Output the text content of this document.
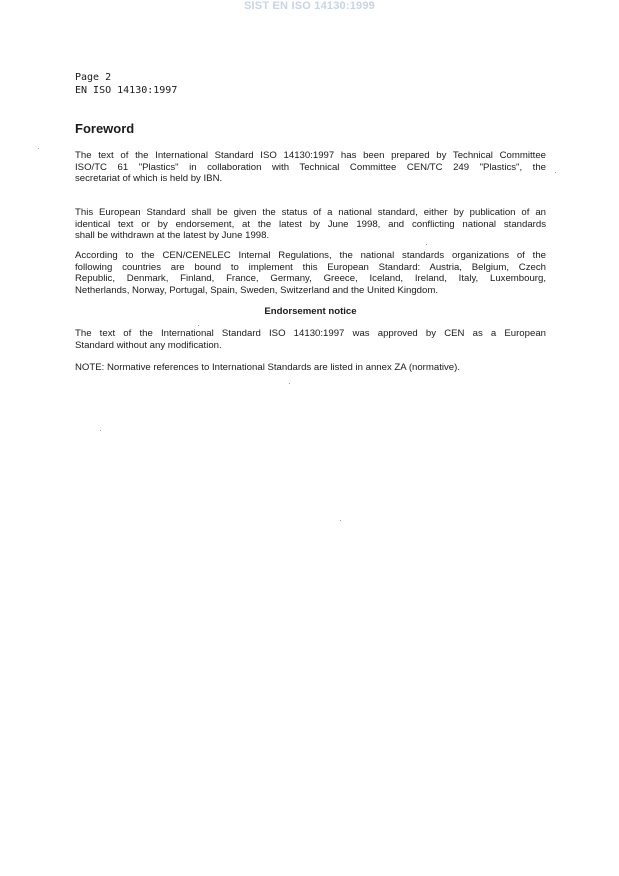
SIST EN ISO 14130:1999
Page 2
EN ISO 14130:1997
Foreword
The text of the International Standard ISO 14130:1997 has been prepared by Technical Committee
ISO/TC 61 "Plastics" in collaboration with Technical Committee CEN/TC 249 "Plastics", the
secretariat of which is held by IBN.
This European Standard shall be given the status of a national standard, either by publication of an
identical text or by endorsement, at the latest by June 1998, and conflicting national standards
shall be withdrawn at the latest by June 1998.
According to the CEN/CENELEC Internal Regulations, the national standards organizations of the
following countries are bound to implement this European Standard: Austria, Belgium, Czech
Republic, Denmark, Finland, France, Germany, Greece, Iceland, Ireland, Italy, Luxembourg,
Netherlands, Norway, Portugal, Spain, Sweden, Switzerland and the United Kingdom.
Endorsement notice
The text of the International Standard ISO 14130:1997 was approved by CEN as a European
Standard without any modification.
NOTE: Normative references to International Standards are listed in annex ZA (normative).
